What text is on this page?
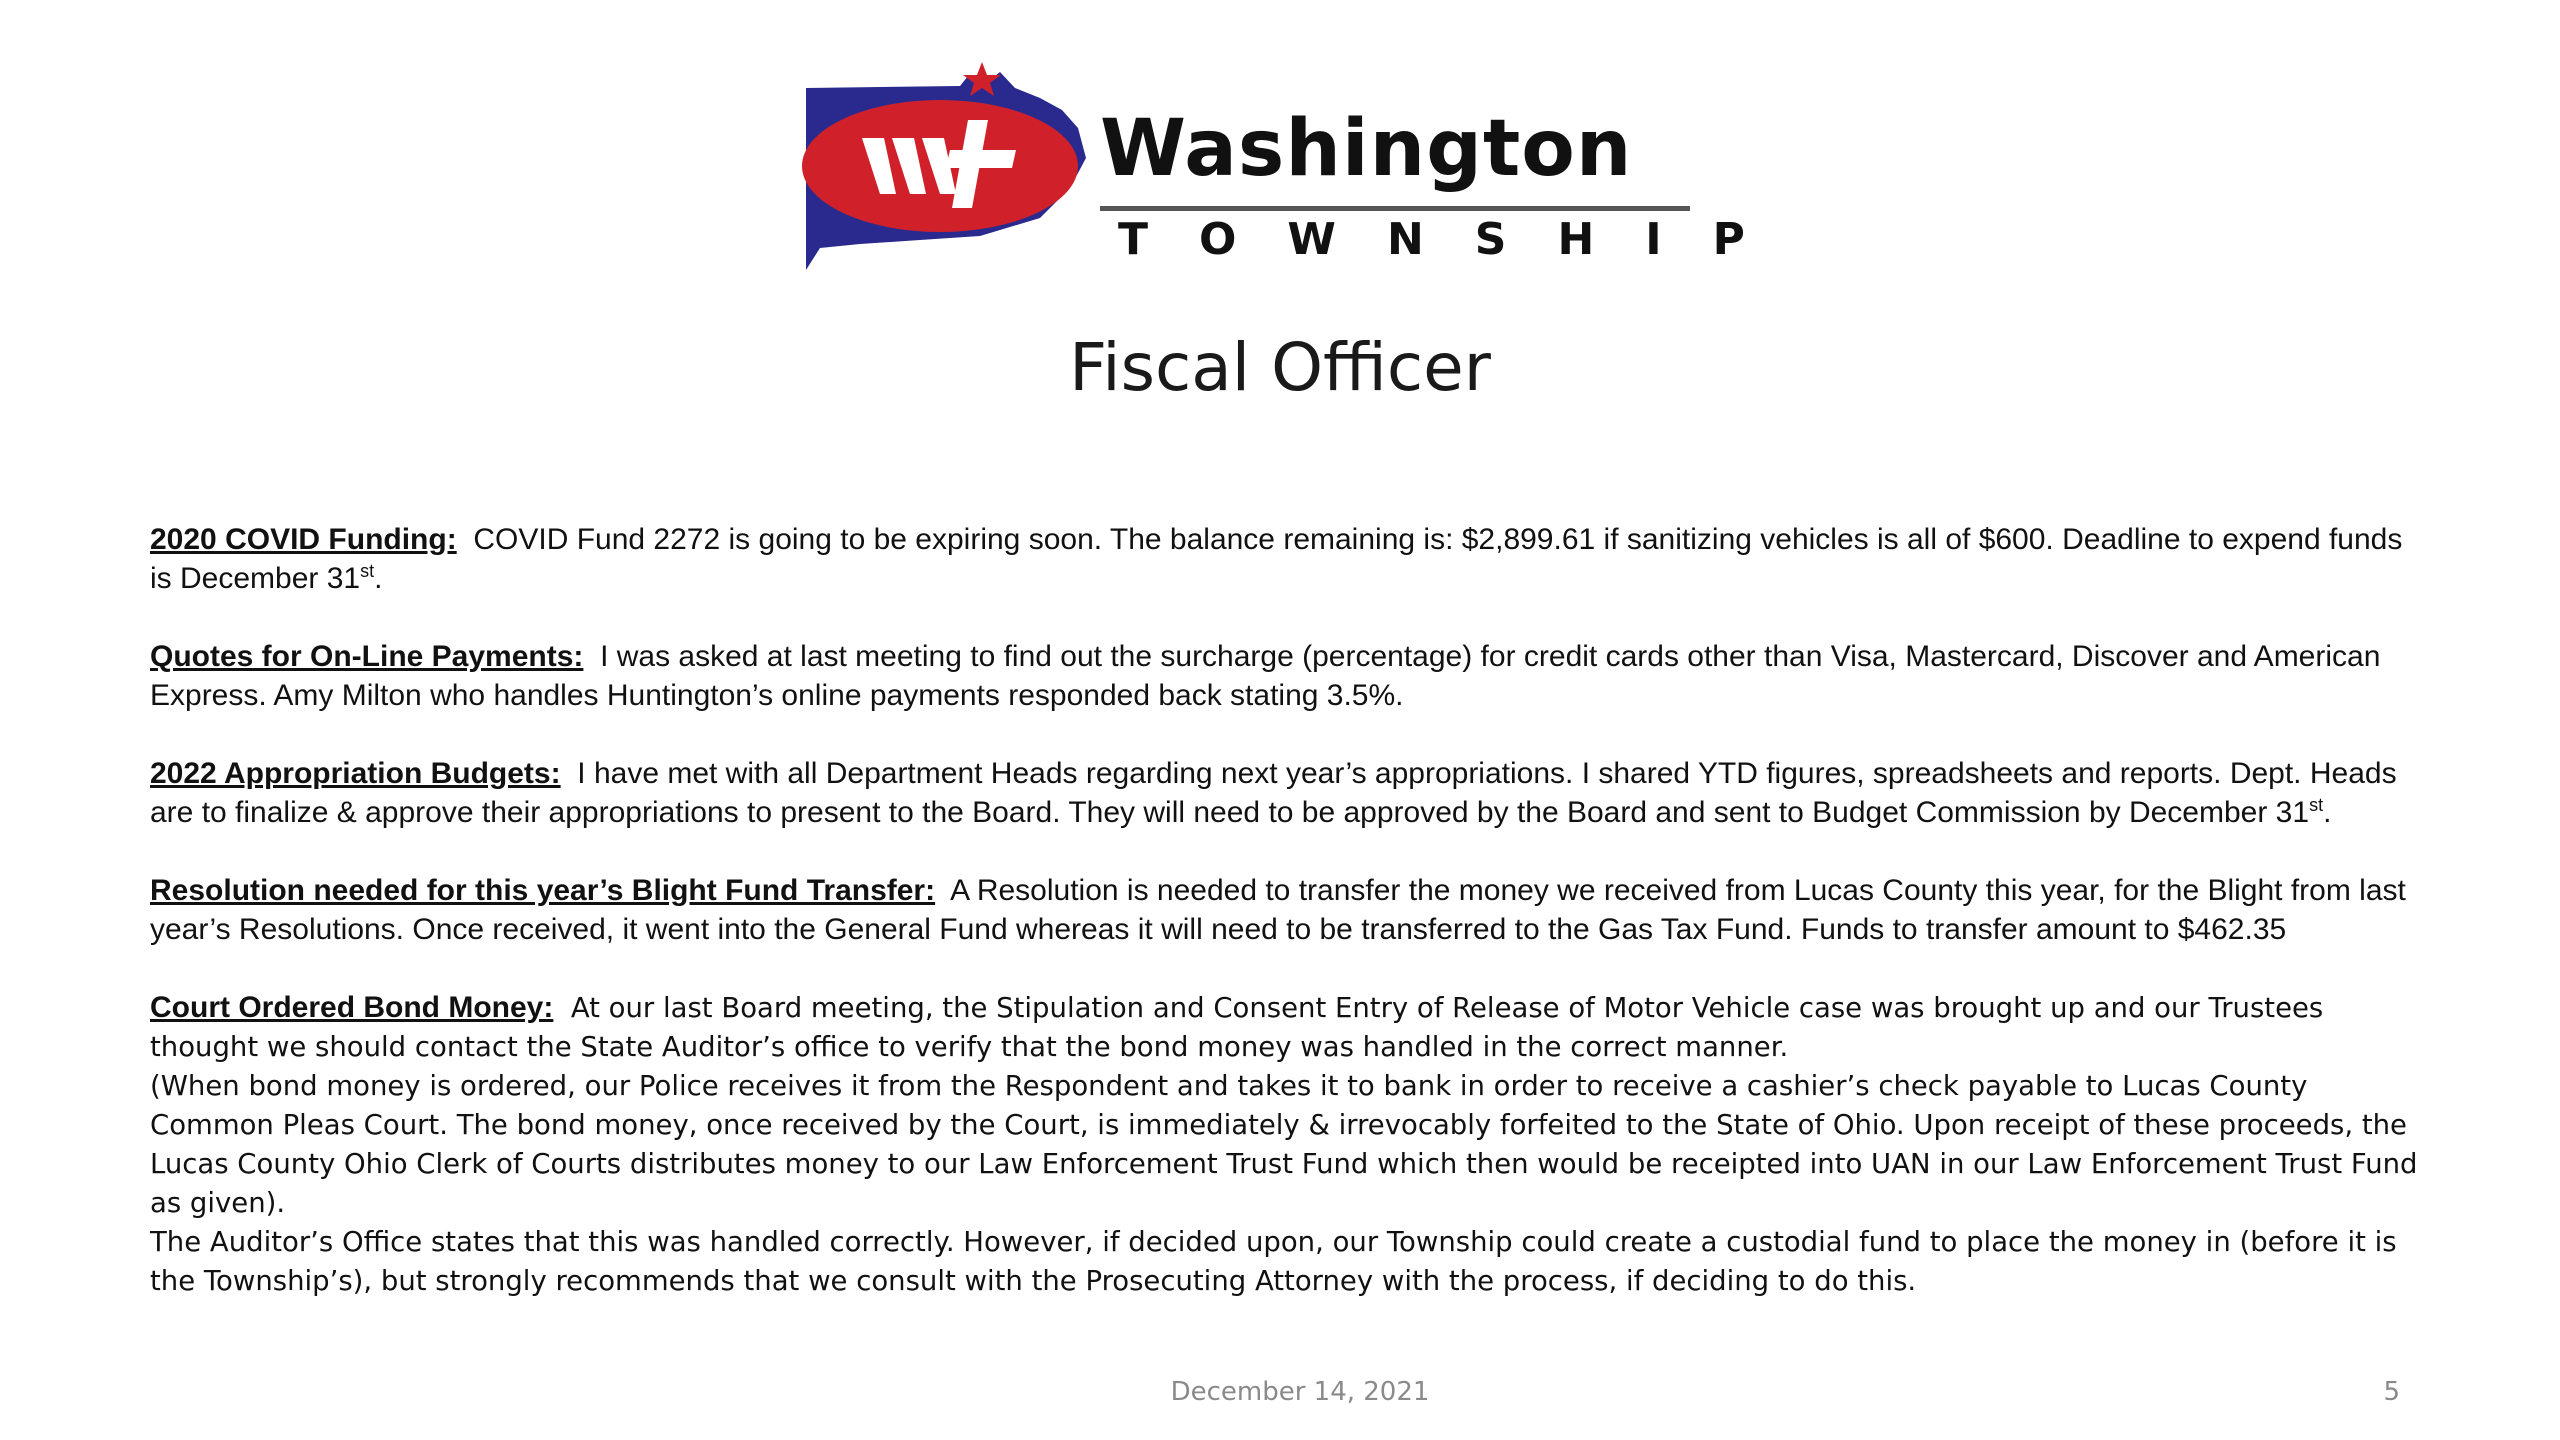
Washington
TOWNSHIP
Fiscal Officer

2020 COVID Funding: COVID Fund 2272 is going to be expiring soon. The balance remaining is: $2,899.61 if sanitizing vehicles is all of $600. Deadline to expend funds is December 31st.

Quotes for On-Line Payments: I was asked at last meeting to find out the surcharge (percentage) for credit cards other than Visa, Mastercard, Discover and American Express. Amy Milton who handles Huntington’s online payments responded back stating 3.5%.

2022 Appropriation Budgets: I have met with all Department Heads regarding next year’s appropriations. I shared YTD figures, spreadsheets and reports. Dept. Heads are to finalize & approve their appropriations to present to the Board. They will need to be approved by the Board and sent to Budget Commission by December 31st.

Resolution needed for this year’s Blight Fund Transfer: A Resolution is needed to transfer the money we received from Lucas County this year, for the Blight from last year’s Resolutions. Once received, it went into the General Fund whereas it will need to be transferred to the Gas Tax Fund. Funds to transfer amount to $462.35

Court Ordered Bond Money: At our last Board meeting, the Stipulation and Consent Entry of Release of Motor Vehicle case was brought up and our Trustees thought we should contact the State Auditor’s office to verify that the bond money was handled in the correct manner.
(When bond money is ordered, our Police receives it from the Respondent and takes it to bank in order to receive a cashier’s check payable to Lucas County Common Pleas Court. The bond money, once received by the Court, is immediately & irrevocably forfeited to the State of Ohio. Upon receipt of these proceeds, the Lucas County Ohio Clerk of Courts distributes money to our Law Enforcement Trust Fund which then would be receipted into UAN in our Law Enforcement Trust Fund as given).
The Auditor’s Office states that this was handled correctly. However, if decided upon, our Township could create a custodial fund to place the money in (before it is the Township’s), but strongly recommends that we consult with the Prosecuting Attorney with the process, if deciding to do this.

December 14, 2021	5
